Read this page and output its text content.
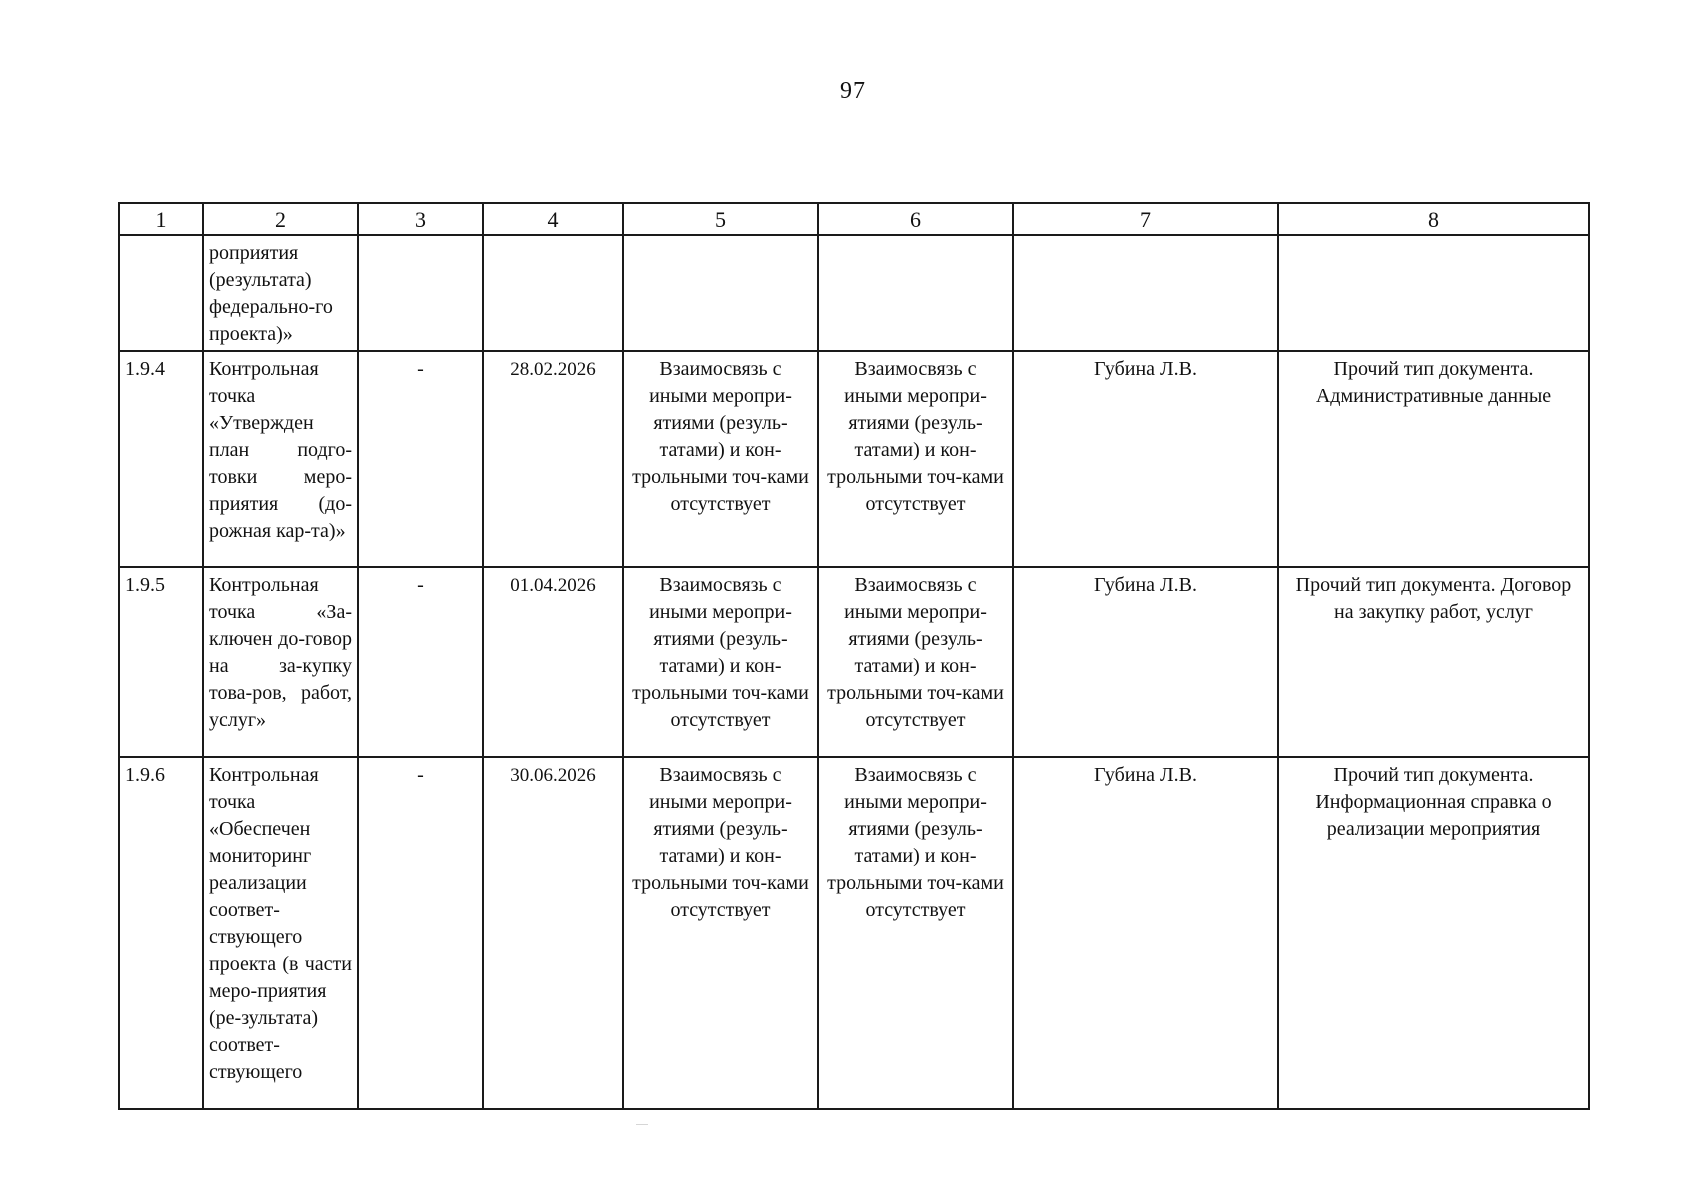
97
1	2	3	4	5	6	7	8
	роприятия (результата) федерально-го проекта)»						
1.9.4	Контрольная точка «Утвержден план подго-товки меро-приятия (до-рожная кар-та)»	-	28.02.2026	Взаимосвязь с иными меропри-ятиями (резуль-татами) и кон-трольными точ-ками отсутствует	Взаимосвязь с иными меропри-ятиями (резуль-татами) и кон-трольными точ-ками отсутствует	Губина Л.В.	Прочий тип документа. Административные данные
1.9.5	Контрольная точка «За-ключен до-говор на за-купку това-ров, работ, услуг»	-	01.04.2026	Взаимосвязь с иными меропри-ятиями (резуль-татами) и кон-трольными точ-ками отсутствует	Взаимосвязь с иными меропри-ятиями (резуль-татами) и кон-трольными точ-ками отсутствует	Губина Л.В.	Прочий тип документа. Договор на закупку работ, услуг
1.9.6	Контрольная точка «Обеспечен мониторинг реализации соответ-ствующего проекта (в части меро-приятия (ре-зультата) соответ-ствующего	-	30.06.2026	Взаимосвязь с иными меропри-ятиями (резуль-татами) и кон-трольными точ-ками отсутствует	Взаимосвязь с иными меропри-ятиями (резуль-татами) и кон-трольными точ-ками отсутствует	Губина Л.В.	Прочий тип документа. Информационная справка о реализации мероприятия
